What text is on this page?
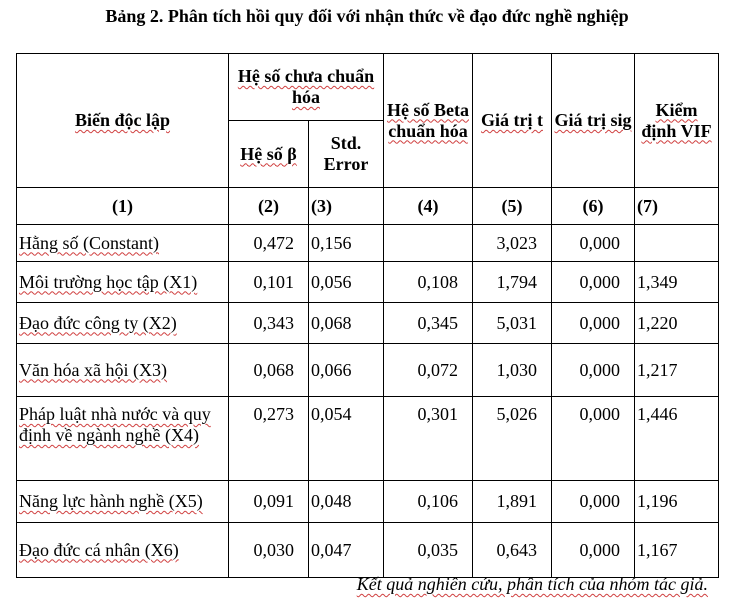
Bảng 2. Phân tích hồi quy đối với nhận thức về đạo đức nghề nghiệp
Biến độc lập	Hệ số chưa chuẩn hóa		Hệ số Beta chuẩn hóa	Giá trị t	Giá trị sig	Kiểm định VIF
	Hệ số β	Std. Error				
(1)	(2)	(3)	(4)	(5)	(6)	(7)
Hằng số (Constant)	0,472	0,156		3,023	0,000	
Môi trường học tập (X1)	0,101	0,056	0,108	1,794	0,000	1,349
Đạo đức công ty (X2)	0,343	0,068	0,345	5,031	0,000	1,220
Văn hóa xã hội (X3)	0,068	0,066	0,072	1,030	0,000	1,217
Pháp luật nhà nước và quy định về ngành nghề (X4)	0,273	0,054	0,301	5,026	0,000	1,446
Năng lực hành nghề (X5)	0,091	0,048	0,106	1,891	0,000	1,196
Đạo đức cá nhân (X6)	0,030	0,047	0,035	0,643	0,000	1,167
Kết quả nghiên cứu, phân tích của nhóm tác giả.
